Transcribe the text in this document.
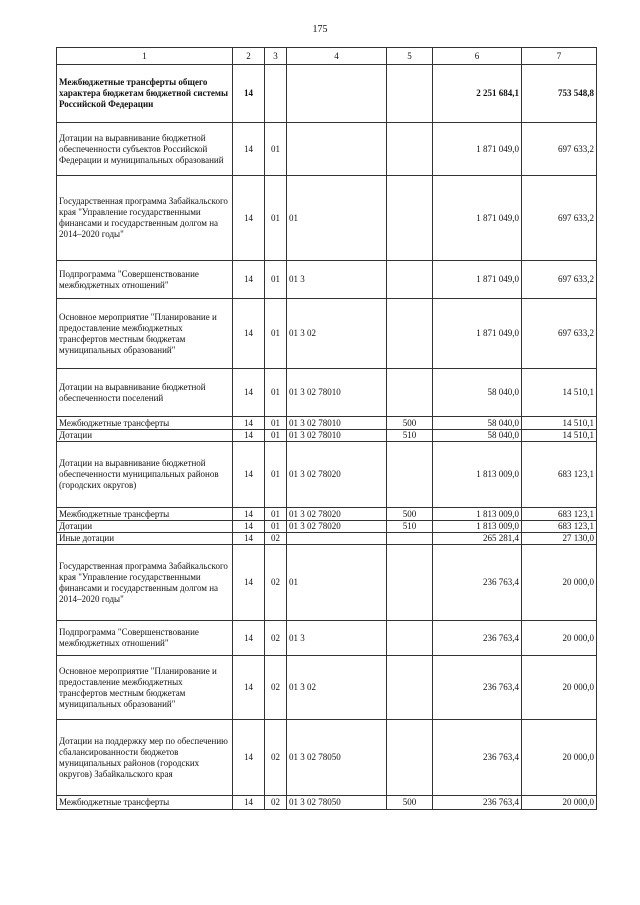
175
1	2	3	4	5	6	7
Межбюджетные трансферты общего характера бюджетам бюджетной системы Российской Федерации	14				2 251 684,1	753 548,8
Дотации на выравнивание бюджетной обеспеченности субъектов Российской Федерации и муниципальных образований	14	01			1 871 049,0	697 633,2
Государственная программа Забайкальского края "Управление государственными финансами и государственным долгом на 2014–2020 годы"	14	01	01		1 871 049,0	697 633,2
Подпрограмма "Совершенствование межбюджетных отношений"	14	01	01 3		1 871 049,0	697 633,2
Основное мероприятие "Планирование и предоставление межбюджетных трансфертов местным бюджетам муниципальных образований"	14	01	01 3 02		1 871 049,0	697 633,2
Дотации на выравнивание бюджетной обеспеченности поселений	14	01	01 3 02 78010		58 040,0	14 510,1
Межбюджетные трансферты	14	01	01 3 02 78010	500	58 040,0	14 510,1
Дотации	14	01	01 3 02 78010	510	58 040,0	14 510,1
Дотации на выравнивание бюджетной обеспеченности муниципальных районов (городских округов)	14	01	01 3 02 78020		1 813 009,0	683 123,1
Межбюджетные трансферты	14	01	01 3 02 78020	500	1 813 009,0	683 123,1
Дотации	14	01	01 3 02 78020	510	1 813 009,0	683 123,1
Иные дотации	14	02			265 281,4	27 130,0
Государственная программа Забайкальского края "Управление государственными финансами и государственным долгом на 2014–2020 годы"	14	02	01		236 763,4	20 000,0
Подпрограмма "Совершенствование межбюджетных отношений"	14	02	01 3		236 763,4	20 000,0
Основное мероприятие "Планирование и предоставление межбюджетных трансфертов местным бюджетам муниципальных образований"	14	02	01 3 02		236 763,4	20 000,0
Дотации на поддержку мер по обеспечению сбалансированности бюджетов муниципальных районов (городских округов) Забайкальского края	14	02	01 3 02 78050		236 763,4	20 000,0
Межбюджетные трансферты	14	02	01 3 02 78050	500	236 763,4	20 000,0
